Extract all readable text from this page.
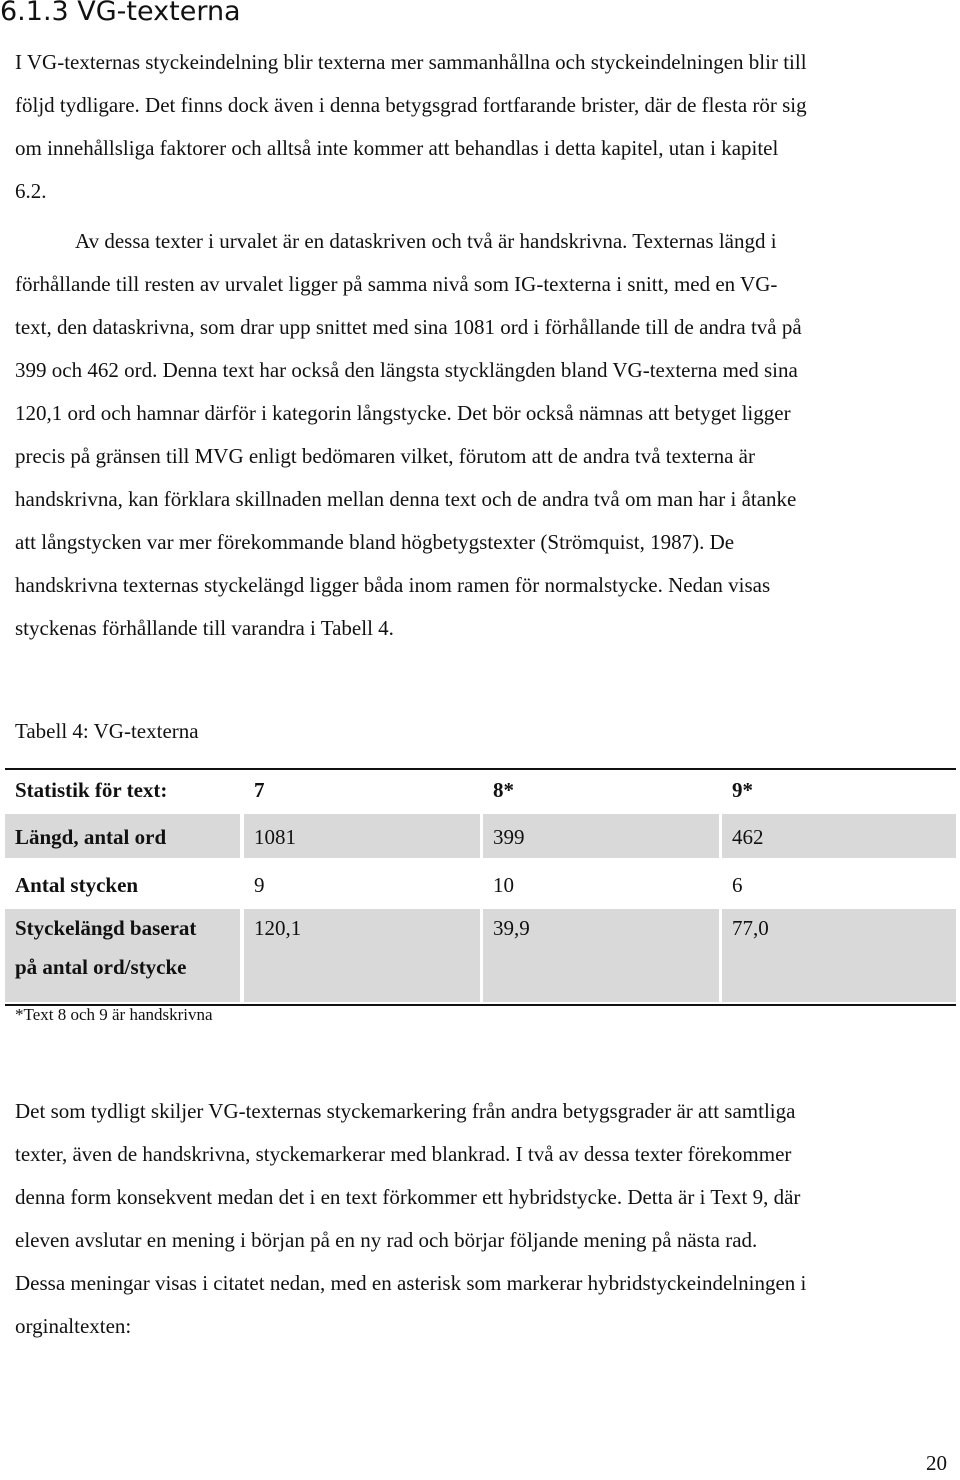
6.1.3 VG-texterna

I VG-texternas styckeindelning blir texterna mer sammanhållna och styckeindelningen blir till
följd tydligare. Det finns dock även i denna betygsgrad fortfarande brister, där de flesta rör sig
om innehållsliga faktorer och alltså inte kommer att behandlas i detta kapitel, utan i kapitel
6.2.

Av dessa texter i urvalet är en dataskriven och två är handskrivna. Texternas längd i
förhållande till resten av urvalet ligger på samma nivå som IG-texterna i snitt, med en VG-
text, den dataskrivna, som drar upp snittet med sina 1081 ord i förhållande till de andra två på
399 och 462 ord. Denna text har också den längsta stycklängden bland VG-texterna med sina
120,1 ord och hamnar därför i kategorin långstycke. Det bör också nämnas att betyget ligger
precis på gränsen till MVG enligt bedömaren vilket, förutom att de andra två texterna är
handskrivna, kan förklara skillnaden mellan denna text och de andra två om man har i åtanke
att långstycken var mer förekommande bland högbetygstexter (Strömquist, 1987). De
handskrivna texternas styckelängd ligger båda inom ramen för normalstycke. Nedan visas
styckenas förhållande till varandra i Tabell 4.

Tabell 4: VG-texterna

Statistik för text:	7	8*	9*
Längd, antal ord	1081	399	462
Antal stycken	9	10	6
Styckelängd baserat
på antal ord/stycke
120,1	39,9	77,0

*Text 8 och 9 är handskrivna

Det som tydligt skiljer VG-texternas styckemarkering från andra betygsgrader är att samtliga
texter, även de handskrivna, styckemarkerar med blankrad. I två av dessa texter förekommer
denna form konsekvent medan det i en text förkommer ett hybridstycke. Detta är i Text 9, där
eleven avslutar en mening i början på en ny rad och börjar följande mening på nästa rad.
Dessa meningar visas i citatet nedan, med en asterisk som markerar hybridstyckeindelningen i
orginaltexten:

20
